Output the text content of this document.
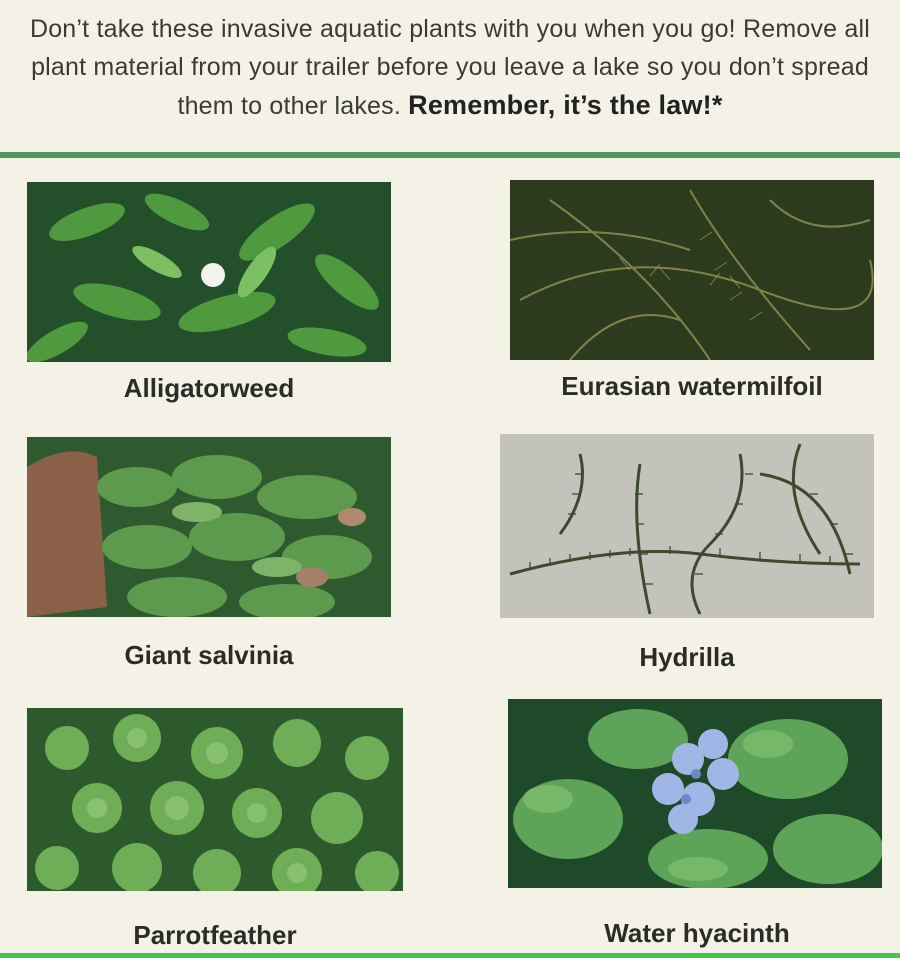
Don’t take these invasive aquatic plants with you when you go! Remove all plant material from your trailer before you leave a lake so you don’t spread them to other lakes. Remember, it’s the law!*
Alligatorweed	Eurasian watermilfoil
Giant salvinia	Hydrilla
Parrotfeather	Water hyacinth
